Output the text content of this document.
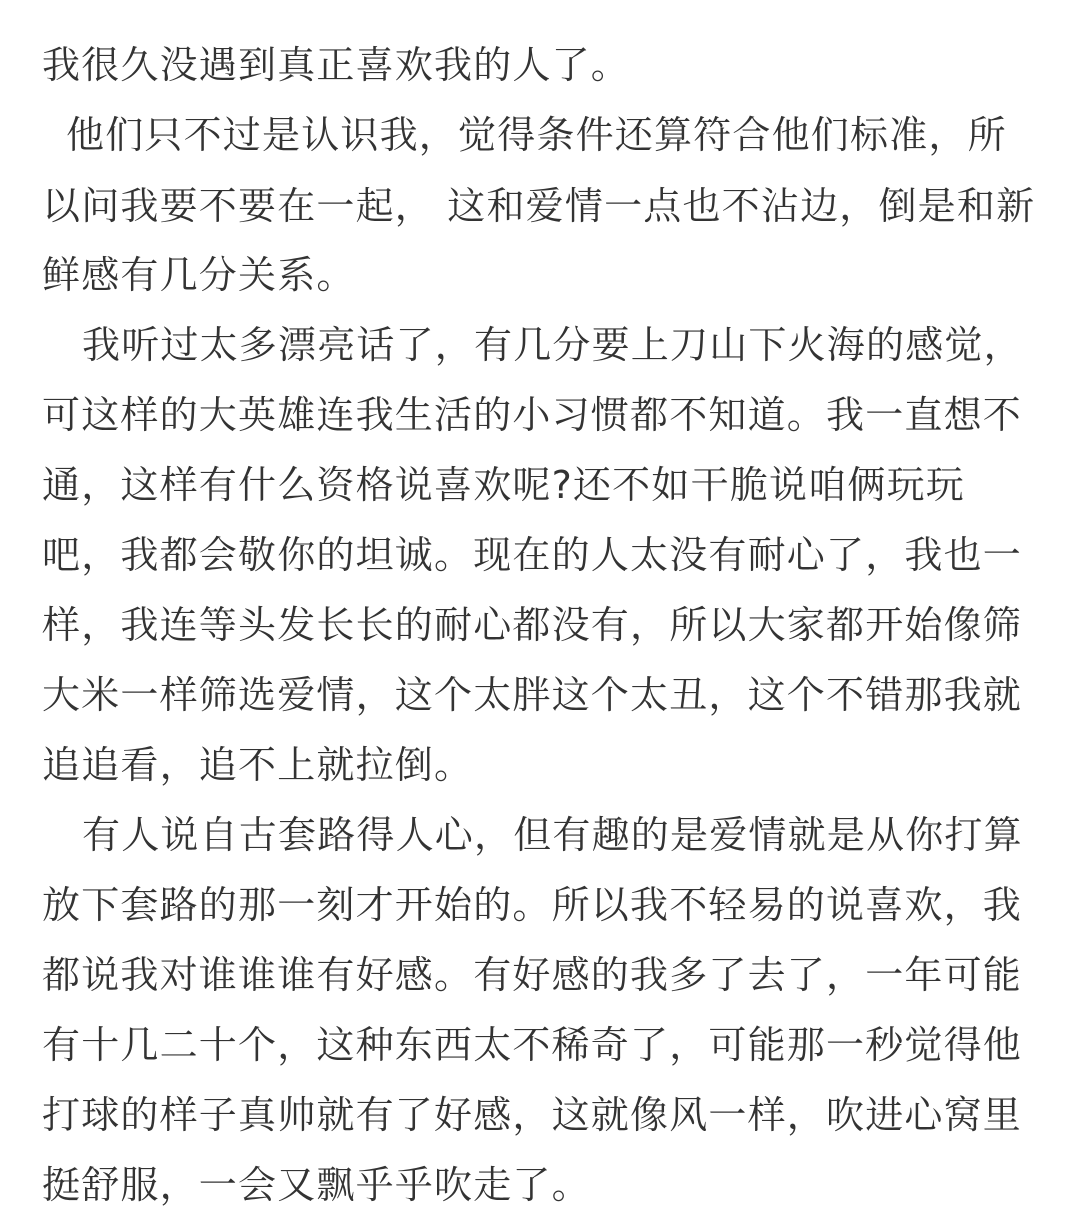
我很久没遇到真正喜欢我的人了。
他们只不过是认识我，觉得条件还算符合他们标准，所
以问我要不要在一起， 这和爱情一点也不沾边，倒是和新
鲜感有几分关系。
我听过太多漂亮话了，有几分要上刀山下火海的感觉，
可这样的大英雄连我生活的小习惯都不知道。我一直想不
通，这样有什么资格说喜欢呢?还不如干脆说咱俩玩玩
吧，我都会敬你的坦诚。现在的人太没有耐心了，我也一
样，我连等头发长长的耐心都没有，所以大家都开始像筛
大米一样筛选爱情，这个太胖这个太丑，这个不错那我就
追追看，追不上就拉倒。
有人说自古套路得人心，但有趣的是爱情就是从你打算
放下套路的那一刻才开始的。所以我不轻易的说喜欢，我
都说我对谁谁谁有好感。有好感的我多了去了，一年可能
有十几二十个，这种东西太不稀奇了，可能那一秒觉得他
打球的样子真帅就有了好感，这就像风一样，吹进心窝里
挺舒服，一会又飘乎乎吹走了。
